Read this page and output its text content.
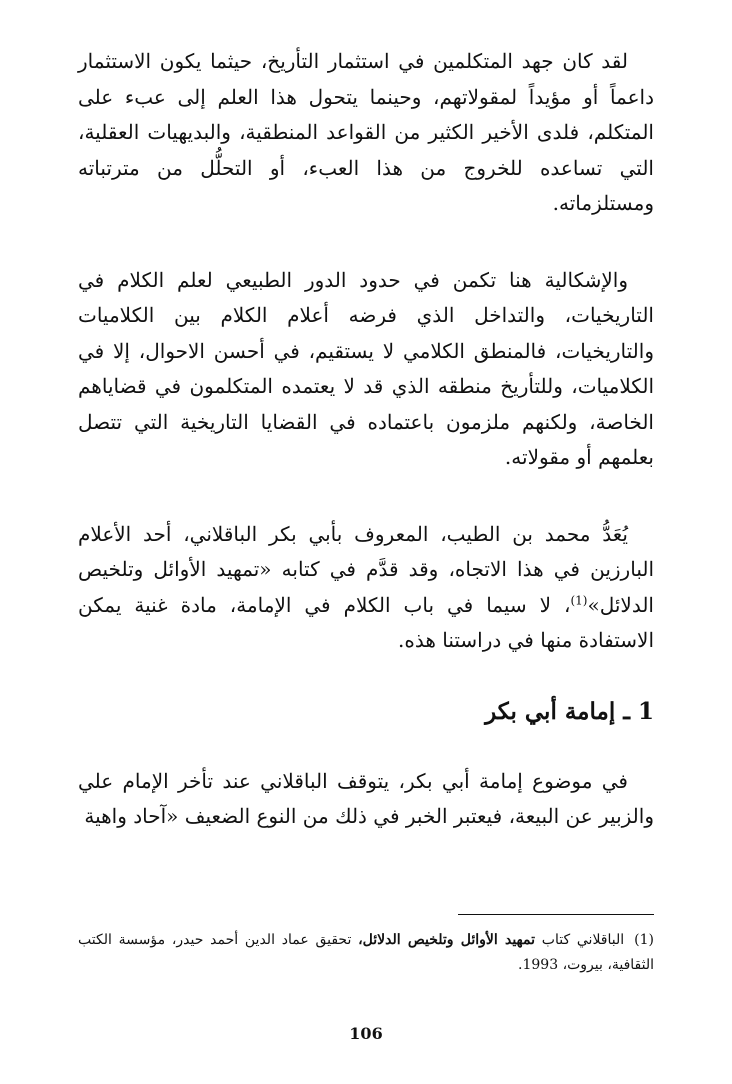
لقد كان جهد المتكلمين في استثمار التأريخ، حيثما يكون الاستثمار داعماً أو مؤيداً لمقولاتهم، وحينما يتحول هذا العلم إلى عبء على المتكلم، فلدى الأخير الكثير من القواعد المنطقية، والبديهيات العقلية، التي تساعده للخروج من هذا العبء، أو التحلُّل من مترتباته ومستلزماته.

والإشكالية هنا تكمن في حدود الدور الطبيعي لعلم الكلام في التاريخيات، والتداخل الذي فرضه أعلام الكلام بين الكلاميات والتاريخيات، فالمنطق الكلامي لا يستقيم، في أحسن الاحوال، إلا في الكلاميات، وللتأريخ منطقه الذي قد لا يعتمده المتكلمون في قضاياهم الخاصة، ولكنهم ملزمون باعتماده في القضايا التاريخية التي تتصل بعلمهم أو مقولاته.

يُعَدُّ محمد بن الطيب، المعروف بأبي بكر الباقلاني، أحد الأعلام البارزين في هذا الاتجاه، وقد قدَّم في كتابه «تمهيد الأوائل وتلخيص الدلائل»$^{(1)}$، لا سيما في باب الكلام في الإمامة، مادة غنية يمكن الاستفادة منها في دراستنا هذه.

1 ـ إمامة أبي بكر

في موضوع إمامة أبي بكر، يتوقف الباقلاني عند تأخر الإمام علي والزبير عن البيعة، فيعتبر الخبر في ذلك من النوع الضعيف «آحاد واهية

(1)الباقلاني كتاب تمهيد الأوائل وتلخيص الدلائل، تحقيق عماد الدين أحمد حيدر، مؤسسة الكتب الثقافية، بيروت، 1993.

106
